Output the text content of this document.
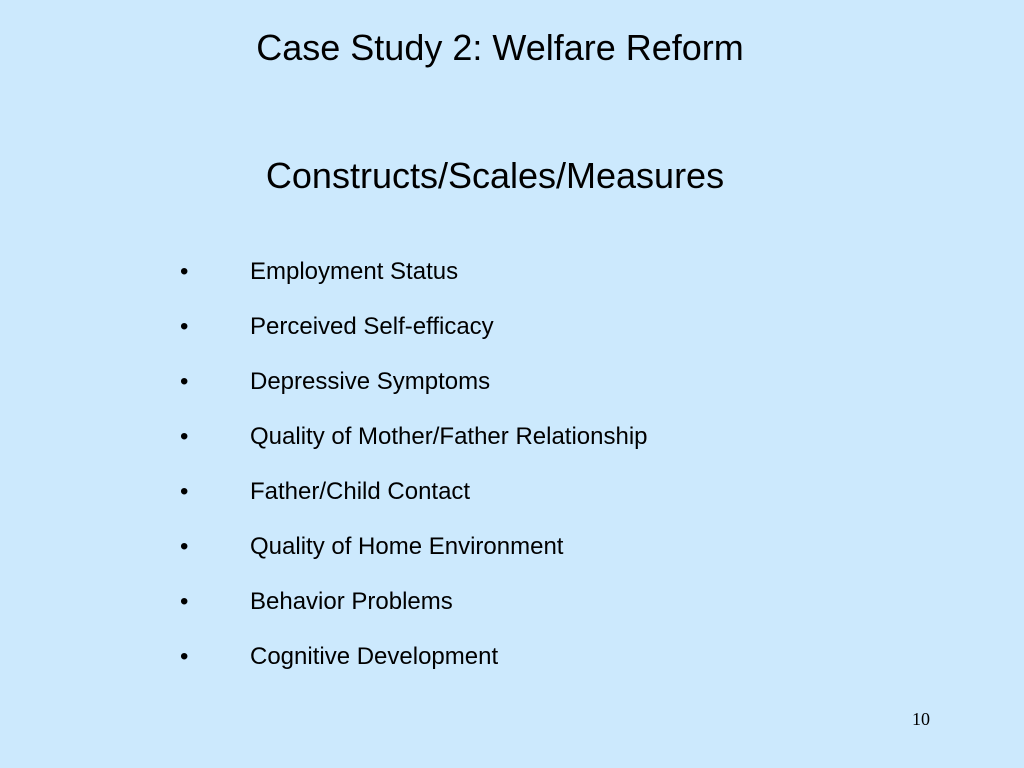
Case Study 2: Welfare Reform
Constructs/Scales/Measures
•	Employment Status
•	Perceived Self-efficacy
•	Depressive Symptoms
•	Quality of Mother/Father Relationship
•	Father/Child Contact
•	Quality of Home Environment
•	Behavior Problems
•	Cognitive Development
10
